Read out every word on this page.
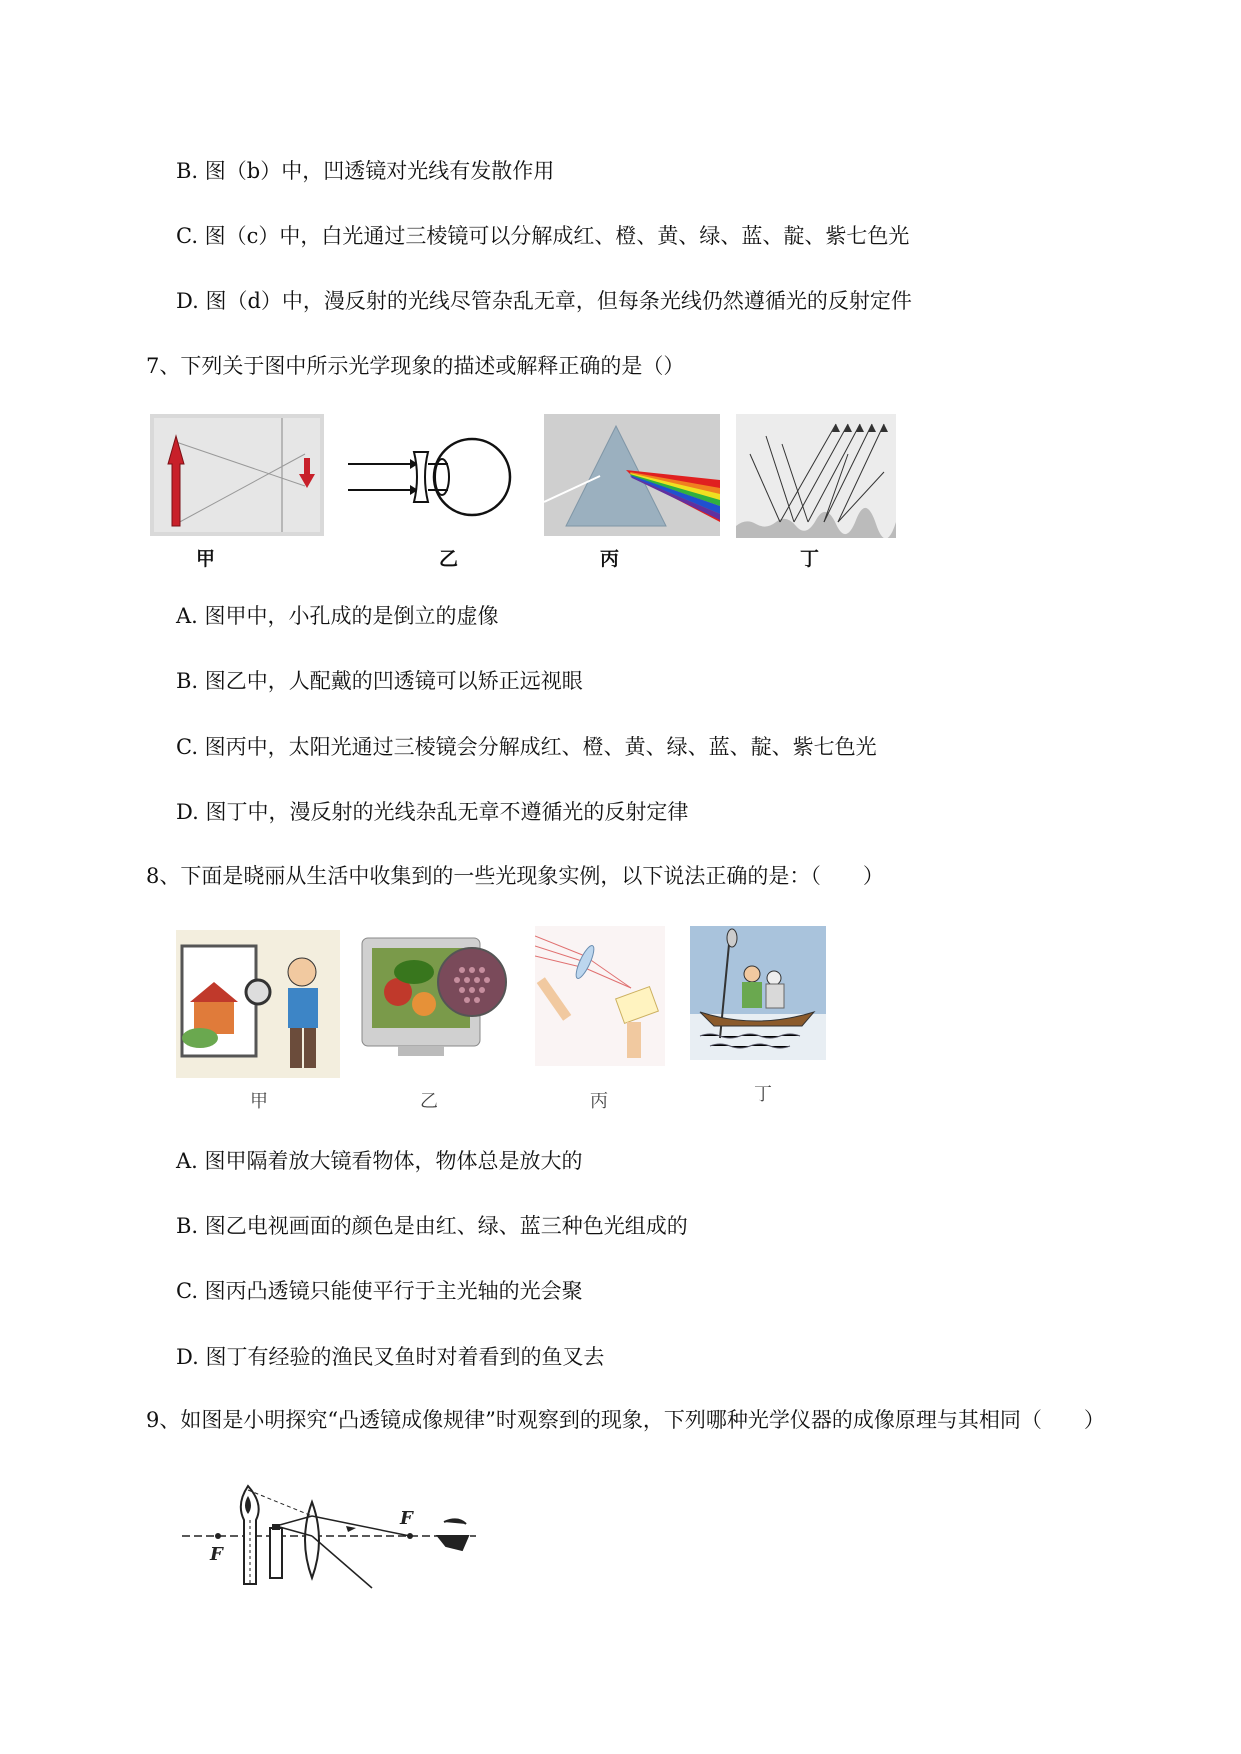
B. 图（b）中，凹透镜对光线有发散作用
C. 图（c）中，白光通过三棱镜可以分解成红、橙、黄、绿、蓝、靛、紫七色光
D. 图（d）中，漫反射的光线尽管杂乱无章，但每条光线仍然遵循光的反射定件
7、下列关于图中所示光学现象的描述或解释正确的是（）
甲	乙	丙	丁
A. 图甲中，小孔成的是倒立的虚像
B. 图乙中，人配戴的凹透镜可以矫正远视眼
C. 图丙中，太阳光通过三棱镜会分解成红、橙、黄、绿、蓝、靛、紫七色光
D. 图丁中，漫反射的光线杂乱无章不遵循光的反射定律
8、下面是晓丽从生活中收集到的一些光现象实例，以下说法正确的是：（　　）
甲	乙	丙	丁
A. 图甲隔着放大镜看物体，物体总是放大的
B. 图乙电视画面的颜色是由红、绿、蓝三种色光组成的
C. 图丙凸透镜只能使平行于主光轴的光会聚
D. 图丁有经验的渔民叉鱼时对着看到的鱼叉去
9、如图是小明探究“凸透镜成像规律”时观察到的现象，下列哪种光学仪器的成像原理与其相同（　　）
F
F
